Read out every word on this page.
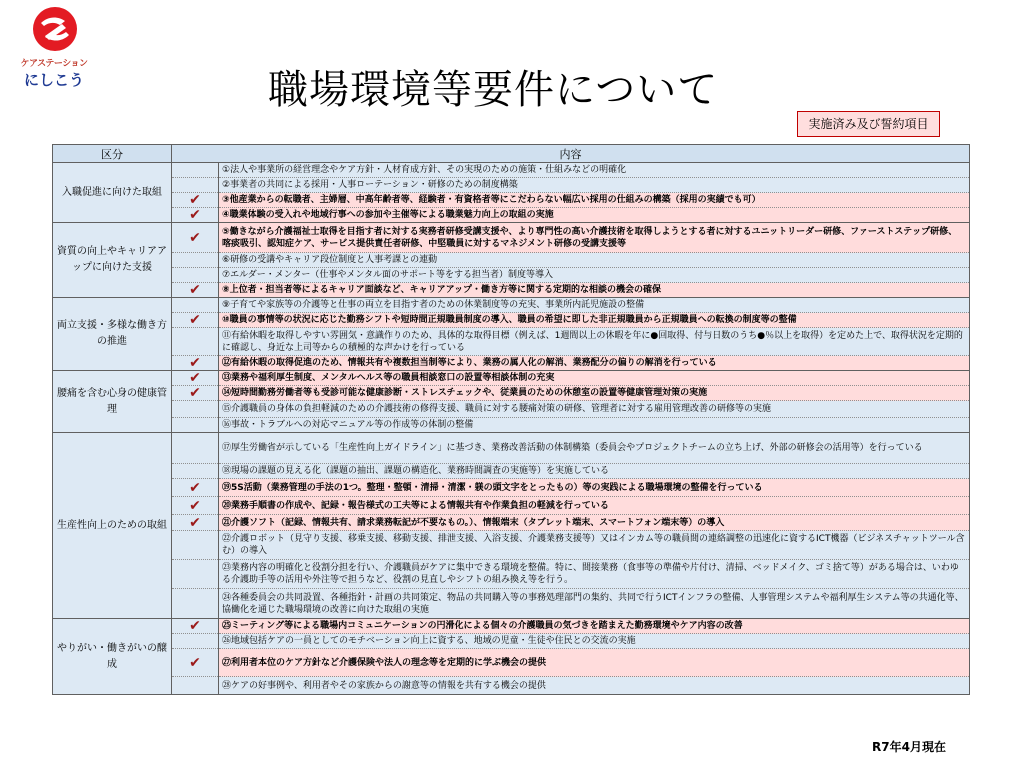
ケアステーション
にしこう	職場環境等要件について
実施済み及び誓約項目
区分	内容	
入職促進に向けた取組		①法人や事業所の経営理念やケア方針・人材育成方針、その実現のための施策・仕組みなどの明確化
		②事業者の共同による採用・人事ローテーション・研修のための制度構築
	✔	③他産業からの転職者、主婦層、中高年齢者等、経験者・有資格者等にこだわらない幅広い採用の仕組みの構築（採用の実績でも可）
	✔	④職業体験の受入れや地域行事への参加や主催等による職業魅力向上の取組の実施
資質の向上やキャリアアップに向けた支援	✔	⑤働きながら介護福祉士取得を目指す者に対する実務者研修受講支援や、より専門性の高い介護技術を取得しようとする者に対するユニットリーダー研修、ファーストステップ研修、喀痰吸引、認知症ケア、サービス提供責任者研修、中堅職員に対するマネジメント研修の受講支援等
		⑥研修の受講やキャリア段位制度と人事考課との連動
		⑦エルダー・メンター（仕事やメンタル面のサポート等をする担当者）制度等導入
	✔	⑧上位者・担当者等によるキャリア面談など、キャリアアップ・働き方等に関する定期的な相談の機会の確保
両立支援・多様な働き方の推進		⑨子育てや家族等の介護等と仕事の両立を目指す者のための休業制度等の充実、事業所内託児施設の整備
	✔	⑩職員の事情等の状況に応じた勤務シフトや短時間正規職員制度の導入、職員の希望に即した非正規職員から正規職員への転換の制度等の整備
		⑪有給休暇を取得しやすい雰囲気・意識作りのため、具体的な取得目標（例えば、1週間以上の休暇を年に●回取得、付与日数のうち●％以上を取得）を定めた上で、取得状況を定期的に確認し、身近な上司等からの積極的な声かけを行っている
	✔	⑫有給休暇の取得促進のため、情報共有や複数担当制等により、業務の属人化の解消、業務配分の偏りの解消を行っている
腰痛を含む心身の健康管理	✔	⑬業務や福利厚生制度、メンタルヘルス等の職員相談窓口の設置等相談体制の充実
	✔	⑭短時間勤務労働者等も受診可能な健康診断・ストレスチェックや、従業員のための休憩室の設置等健康管理対策の実施
		⑮介護職員の身体の負担軽減のための介護技術の修得支援、職員に対する腰痛対策の研修、管理者に対する雇用管理改善の研修等の実施
		⑯事故・トラブルへの対応マニュアル等の作成等の体制の整備
生産性向上のための取組		⑰厚生労働省が示している「生産性向上ガイドライン」に基づき、業務改善活動の体制構築（委員会やプロジェクトチームの立ち上げ、外部の研修会の活用等）を行っている
		⑱現場の課題の見える化（課題の抽出、課題の構造化、業務時間調査の実施等）を実施している
	✔	⑲5S活動（業務管理の手法の1つ。整理・整頓・清掃・清潔・躾の頭文字をとったもの）等の実践による職場環境の整備を行っている
	✔	⑳業務手順書の作成や、記録・報告様式の工夫等による情報共有や作業負担の軽減を行っている
	✔	㉑介護ソフト（記録、情報共有、請求業務転記が不要なもの。）、情報端末（タブレット端末、スマートフォン端末等）の導入
		㉒介護ロボット（見守り支援、移乗支援、移動支援、排泄支援、入浴支援、介護業務支援等）又はインカム等の職員間の連絡調整の迅速化に資するICT機器（ビジネスチャットツール含む）の導入
		㉓業務内容の明確化と役割分担を行い、介護職員がケアに集中できる環境を整備。特に、間接業務（食事等の準備や片付け、清掃、ベッドメイク、ゴミ捨て等）がある場合は、いわゆる介護助手等の活用や外注等で担うなど、役割の見直しやシフトの組み換え等を行う。
		㉔各種委員会の共同設置、各種指針・計画の共同策定、物品の共同購入等の事務処理部門の集約、共同で行うICTインフラの整備、人事管理システムや福利厚生システム等の共通化等、協働化を通じた職場環境の改善に向けた取組の実施
やりがい・働きがいの醸成	✔	㉕ミーティング等による職場内コミュニケーションの円滑化による個々の介護職員の気づきを踏まえた勤務環境やケア内容の改善
		㉖地域包括ケアの一員としてのモチベーション向上に資する、地域の児童・生徒や住民との交流の実施
	✔	㉗利用者本位のケア方針など介護保険や法人の理念等を定期的に学ぶ機会の提供
		㉘ケアの好事例や、利用者やその家族からの謝意等の情報を共有する機会の提供
R7年4月現在
